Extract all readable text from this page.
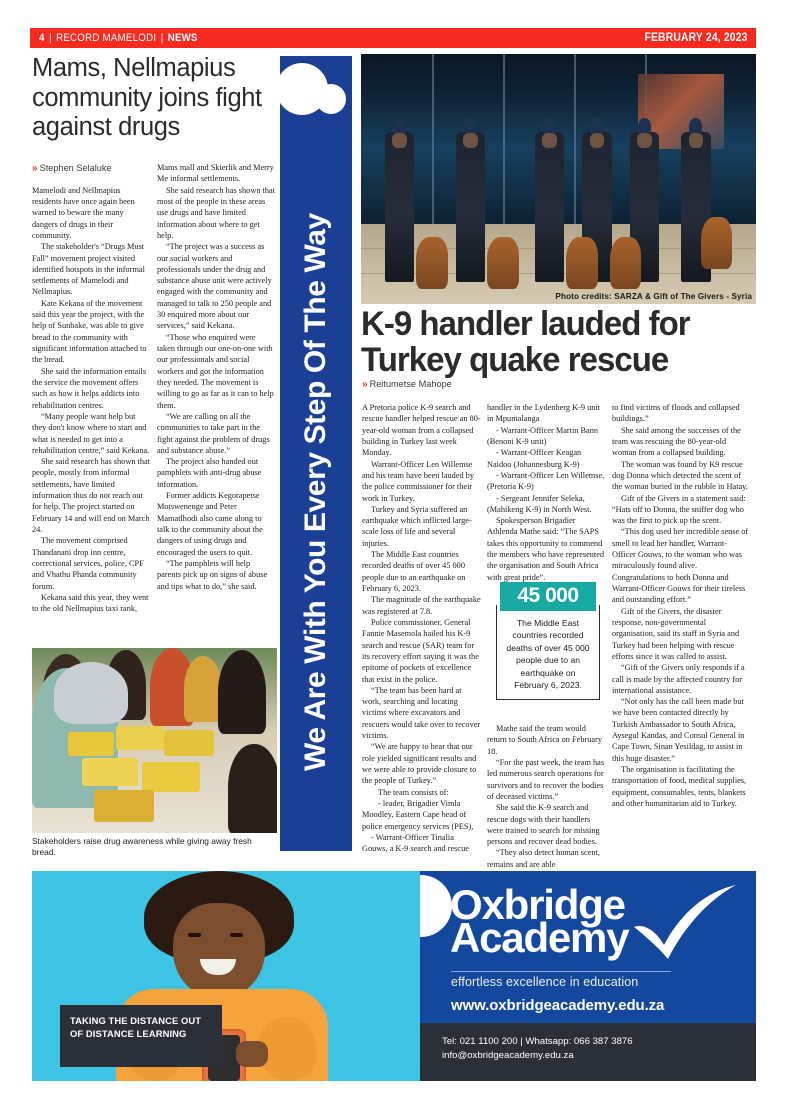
4 | RECORD MAMELODI | NEWS	FEBRUARY 24, 2023
Mams, Nellmapius community joins fight against drugs
» Stephen Selaluke

Mamelodi and Nellmapius residents have once again been warned to beware the many dangers of drugs in their community.

The stakeholder's “Drugs Must Fall” movement project visited identified hotspots in the informal settlements of Mamelodi and Nellmapius.

Kate Kekana of the movement said this year the project, with the help of Sunbake, was able to give bread to the community with significant information attached to the bread.

She said the information entails the service the movement offers such as how it helps addicts into rehabilitation centres.

“Many people want help but they don't know where to start and what is needed to get into a rehabilitation centre,” said Kekana.

She said research has shown that people, mostly from informal settlements, have limited information thus do not reach out for help. The project started on February 14 and will end on March 24.

The movement comprised Thandanani drop inn centre, correctional services, police, CPF and Vhathu Phanda community forum.

Kekana said this year, they went to the old Nellmapius taxi rank,

Mams mall and Skierlik and Merry Me informal settlements.

She said research has shown that most of the people in these areas use drugs and have limited information about where to get help.

“The project was a success as our social workers and professionals under the drug and substance abuse unit were actively engaged with the community and managed to talk to 250 people and 30 enquired more about our services,” said Kekana.

“Those who enquired were taken through our one-on-one with our professionals and social workers and got the information they needed. The movement is willing to go as far as it can to help them.

“We are calling on all the communities to take part in the fight against the problem of drugs and substance abuse.”

The project also handed out pamphlets with anti-drug abuse information.

Former addicts Kegorapetse Motswenenge and Peter Mamatlhodi also came along to talk to the community about the dangers of using drugs and encouraged the users to quit.

“The pamphlets will help parents pick up on signs of abuse and tips what to do,” she said.	We Are With You Every Step Of The Way	Photo credits: SARZA & Gift of The Givers - Syria
K-9 handler lauded for
Turkey quake rescue
» Reitumetse Mahope

A Pretoria police K-9 search and rescue handler helped rescue an 80-year-old woman from a collapsed building in Turkey last week Monday.

Warrant-Officer Len Willemse and his team have been lauded by the police commissioner for their work in Turkey.

Turkey and Syria suffered an earthquake which inflicted large-scale loss of life and several injuries.

The Middle East countries recorded deaths of over 45 000 people due to an earthquake on February 6, 2023.

The magnitude of the earthquake was registered at 7.8.

Police commissioner, General Fannie Masemola hailed his K-9 search and rescue (SAR) team for its recovery effort saying it was the epitome of pockets of excellence that exist in the police.

“The team has been hard at work, searching and locating victims where excavators and rescuers would take over to recover victims.

“We are happy to hear that our role yielded significant results and we were able to provide closure to the people of Turkey.”

The team consists of:

- leader, Brigadier Vimla Moodley, Eastern Cape head of police emergency services (PES),

- Warrant-Officer Tinalia Gouws, a K-9 search and rescue

handler in the Lydenberg K-9 unit in Mpumalanga

- Warrant-Officer Martin Bann (Benoni K-9 unit)

- Warrant-Officer Keagan Naidoo (Johannesburg K-9)

- Warrant-Officer Len Willemse, (Pretoria K-9)

- Sergeant Jennifer Seleka, (Mahikeng K-9) in North West.

Spokesperson Brigadier Athlenda Mathe said: “The SAPS takes this opportunity to commend the members who have represented the organisation and South Africa with great pride”.

Mathe said the team would return to South Africa on February 18.

“For the past week, the team has led numerous search operations for survivors and to recover the bodies of deceased victims.”

She said the K-9 search and rescue dogs with their handlers were trained to search for missing persons and recover dead bodies.

“They also detect human scent, remains and are able

45 000
The Middle East countries recorded deaths of over 45 000 people due to an earthquake on February 6, 2023.

to find victims of floods and collapsed buildings.”

She said among the successes of the team was rescuing the 80-year-old woman from a collapsed building.

The woman was found by K9 rescue dog Donna which detected the scent of the woman buried in the rubble in Hatay.

Gift of the Givers in a statement said: “Hats off to Donna, the sniffer dog who was the first to pick up the scent.

“This dog used her incredible sense of smell to lead her handler, Warrant-Officer Gouws, to the woman who was miraculously found alive. Congratulations to both Donna and Warrant-Officer Gouws for their tireless and outstanding effort.”

Gift of the Givers, the disaster response, non-governmental organisation, said its staff in Syria and Turkey had been helping with rescue efforts since it was called to assist.

“Gift of the Givers only responds if a call is made by the affected country for international assistance.

“Not only has the call been made but we have been contacted directly by Turkish Ambassador to South Africa, Aysegul Kandas, and Consul General in Cape Town, Sinan Yesildag, to assist in this huge disaster.”

The organisation is facilitating the transportation of food, medical supplies, equipment, consumables, tents, blankets and other humanitarian aid to Turkey.

Stakeholders raise drug awareness while giving away fresh bread.
TAKING THE DISTANCE OUT OF DISTANCE LEARNING
Oxbridge
Academy
effortless excellence in education
www.oxbridgeacademy.edu.za
Tel: 021 1100 200 | Whatsapp: 066 387 3876
info@oxbridgeacademy.edu.za
